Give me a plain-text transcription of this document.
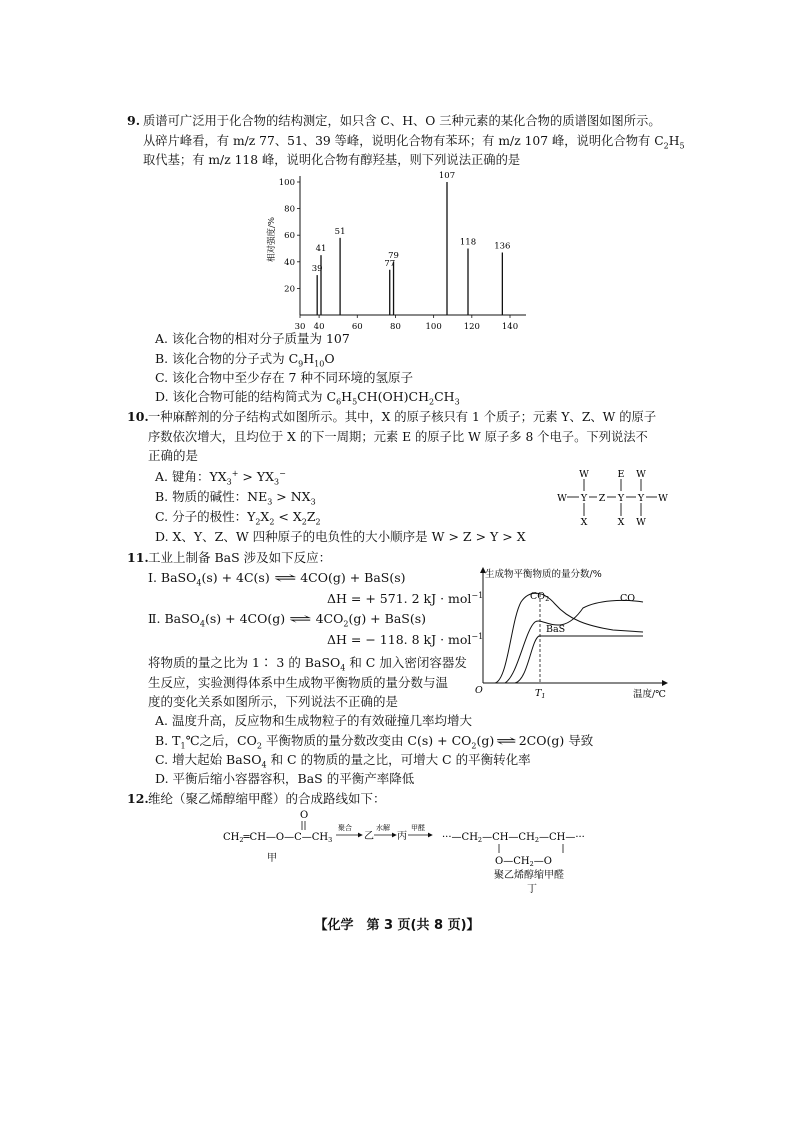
9. 质谱可广泛用于化合物的结构测定，如只含 C、H、O 三种元素的某化合物的质谱图如图所示。
从碎片峰看，有 m/z 77、51、39 等峰，说明化合物有苯环；有 m/z 107 峰，说明化合物有 $C_2H_5$
取代基；有 m/z 118 峰，说明化合物有醇羟基，则下列说法正确的是
30 40	60	80	100	120	140
20
40
60
80
100
39
41
51
77
79
107
118 136
相对强度/%
A. 该化合物的相对分子质量为 107
B. 该化合物的分子式为 $C_9H_{10}O$
C. 该化合物中至少存在 7 种不同环境的氢原子
D. 该化合物可能的结构简式为 $C_6H_5CH(OH)CH_2CH_3$
10. 一种麻醉剂的分子结构式如图所示。其中，X 的原子核只有 1 个质子；元素 Y、Z、W 的原子
序数依次增大，且均位于 X 的下一周期；元素 E 的原子比 W 原子多 8 个电子。下列说法不
正确的是
A. 键角：$YX_3^+ > YX_3^-$
B. 物质的碱性：$NE_3 > NX_3$
C. 分子的极性：$Y_2X_2 < X_2Z_2$
D. X、Y、Z、W 四种原子的电负性的大小顺序是 W > Z > Y > X
W	E W
W Y Z Y Y W
X	X W
11. 工业上制备 BaS 涉及如下反应：
Ⅰ. BaSO$_4$(s) + 4C(s) ⇌ 4CO(g) + BaS(s)
ΔH = + 571. 2 kJ · mol$^{-1}$
Ⅱ. BaSO$_4$(s) + 4CO(g) ⇌ $4CO_2(g) + BaS(s)$
ΔH = − 118. 8 kJ · mol$^{-1}$
将物质的量之比为 1∶ 3 的 BaSO$_4$ 和 C 加入密闭容器发
生反应，实验测得体系中生成物平衡物质的量分数与温
度的变化关系如图所示，下列说法不正确的是
A. 温度升高，反应物和生成物粒子的有效碰撞几率均增大
B. $T_1℃$之后，$CO_2$ 平衡物质的量分数改变由 $C(s) + CO_2(g)$ ⇌ 2CO(g) 导致
C. 增大起始 BaSO$_4$ 和 C 的物质的量之比，可增大 C 的平衡转化率
D. 平衡后缩小容器容积，BaS 的平衡产率降低
生成物平衡物质的量分数/%
温度/℃
O	$T_1$
$CO_2$	CO
BaS
12. 维纶（聚乙烯醇缩甲醛）的合成路线如下：
O
$CH_2═CH—O—C—CH_3$
甲
聚合
乙
水解
丙
甲醛
$\cdot\cdot\cdot—CH_2—CH—CH_2—CH—\cdot\cdot\cdot$
$O—CH_2—O$
聚乙烯醇缩甲醛
丁
【化学　第 3 页(共 8 页)】
